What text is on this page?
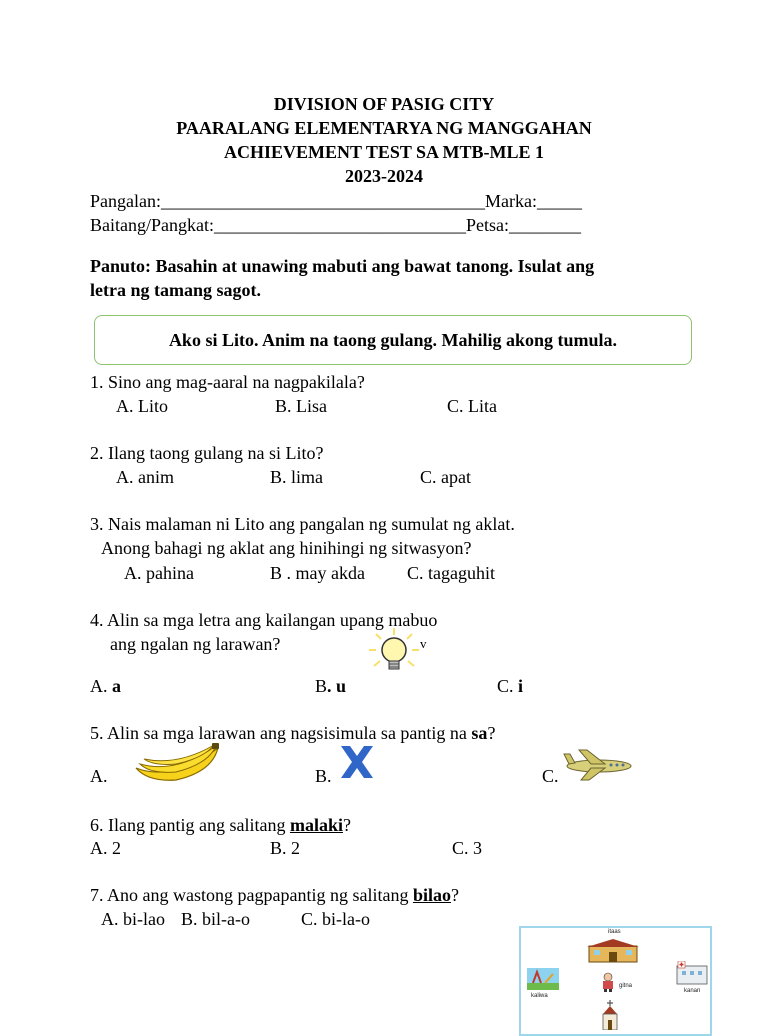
DIVISION OF PASIG CITY
PAARALANG ELEMENTARYA NG MANGGAHAN
ACHIEVEMENT TEST SA MTB-MLE 1
2023-2024
Pangalan:____________________________________Marka:_____
Baitang/Pangkat:____________________________Petsa:________
Panuto: Basahin at unawing mabuti ang bawat tanong. Isulat ang
letra ng tamang sagot.
Ako si Lito. Anim na taong gulang. Mahilig akong tumula.
1. Sino ang mag-aaral na nagpakilala?
A. Lito	B. Lisa	C. Lita
2. Ilang taong gulang na si Lito?
A. anim	B. lima	C. apat
3. Nais malaman ni Lito ang pangalan ng sumulat ng aklat.
Anong bahagi ng aklat ang hinihingi ng sitwasyon?
A. pahina	B . may akda C. tagaguhit
4. Alin sa mga letra ang kailangan upang mabuo
ang ngalan ng larawan?	v
A. a	B. u	C. i
5. Alin sa mga larawan ang nagsisimula sa pantig na sa?
A.	B.	C.
6. Ilang pantig ang salitang malaki?
A. 2	B. 2	C. 3
7. Ano ang wastong pagpapantig ng salitang bilao?
A. bi-lao B. bil-a-o	C. bi-la-o
itaas
kaliwa
gitna
kanan
